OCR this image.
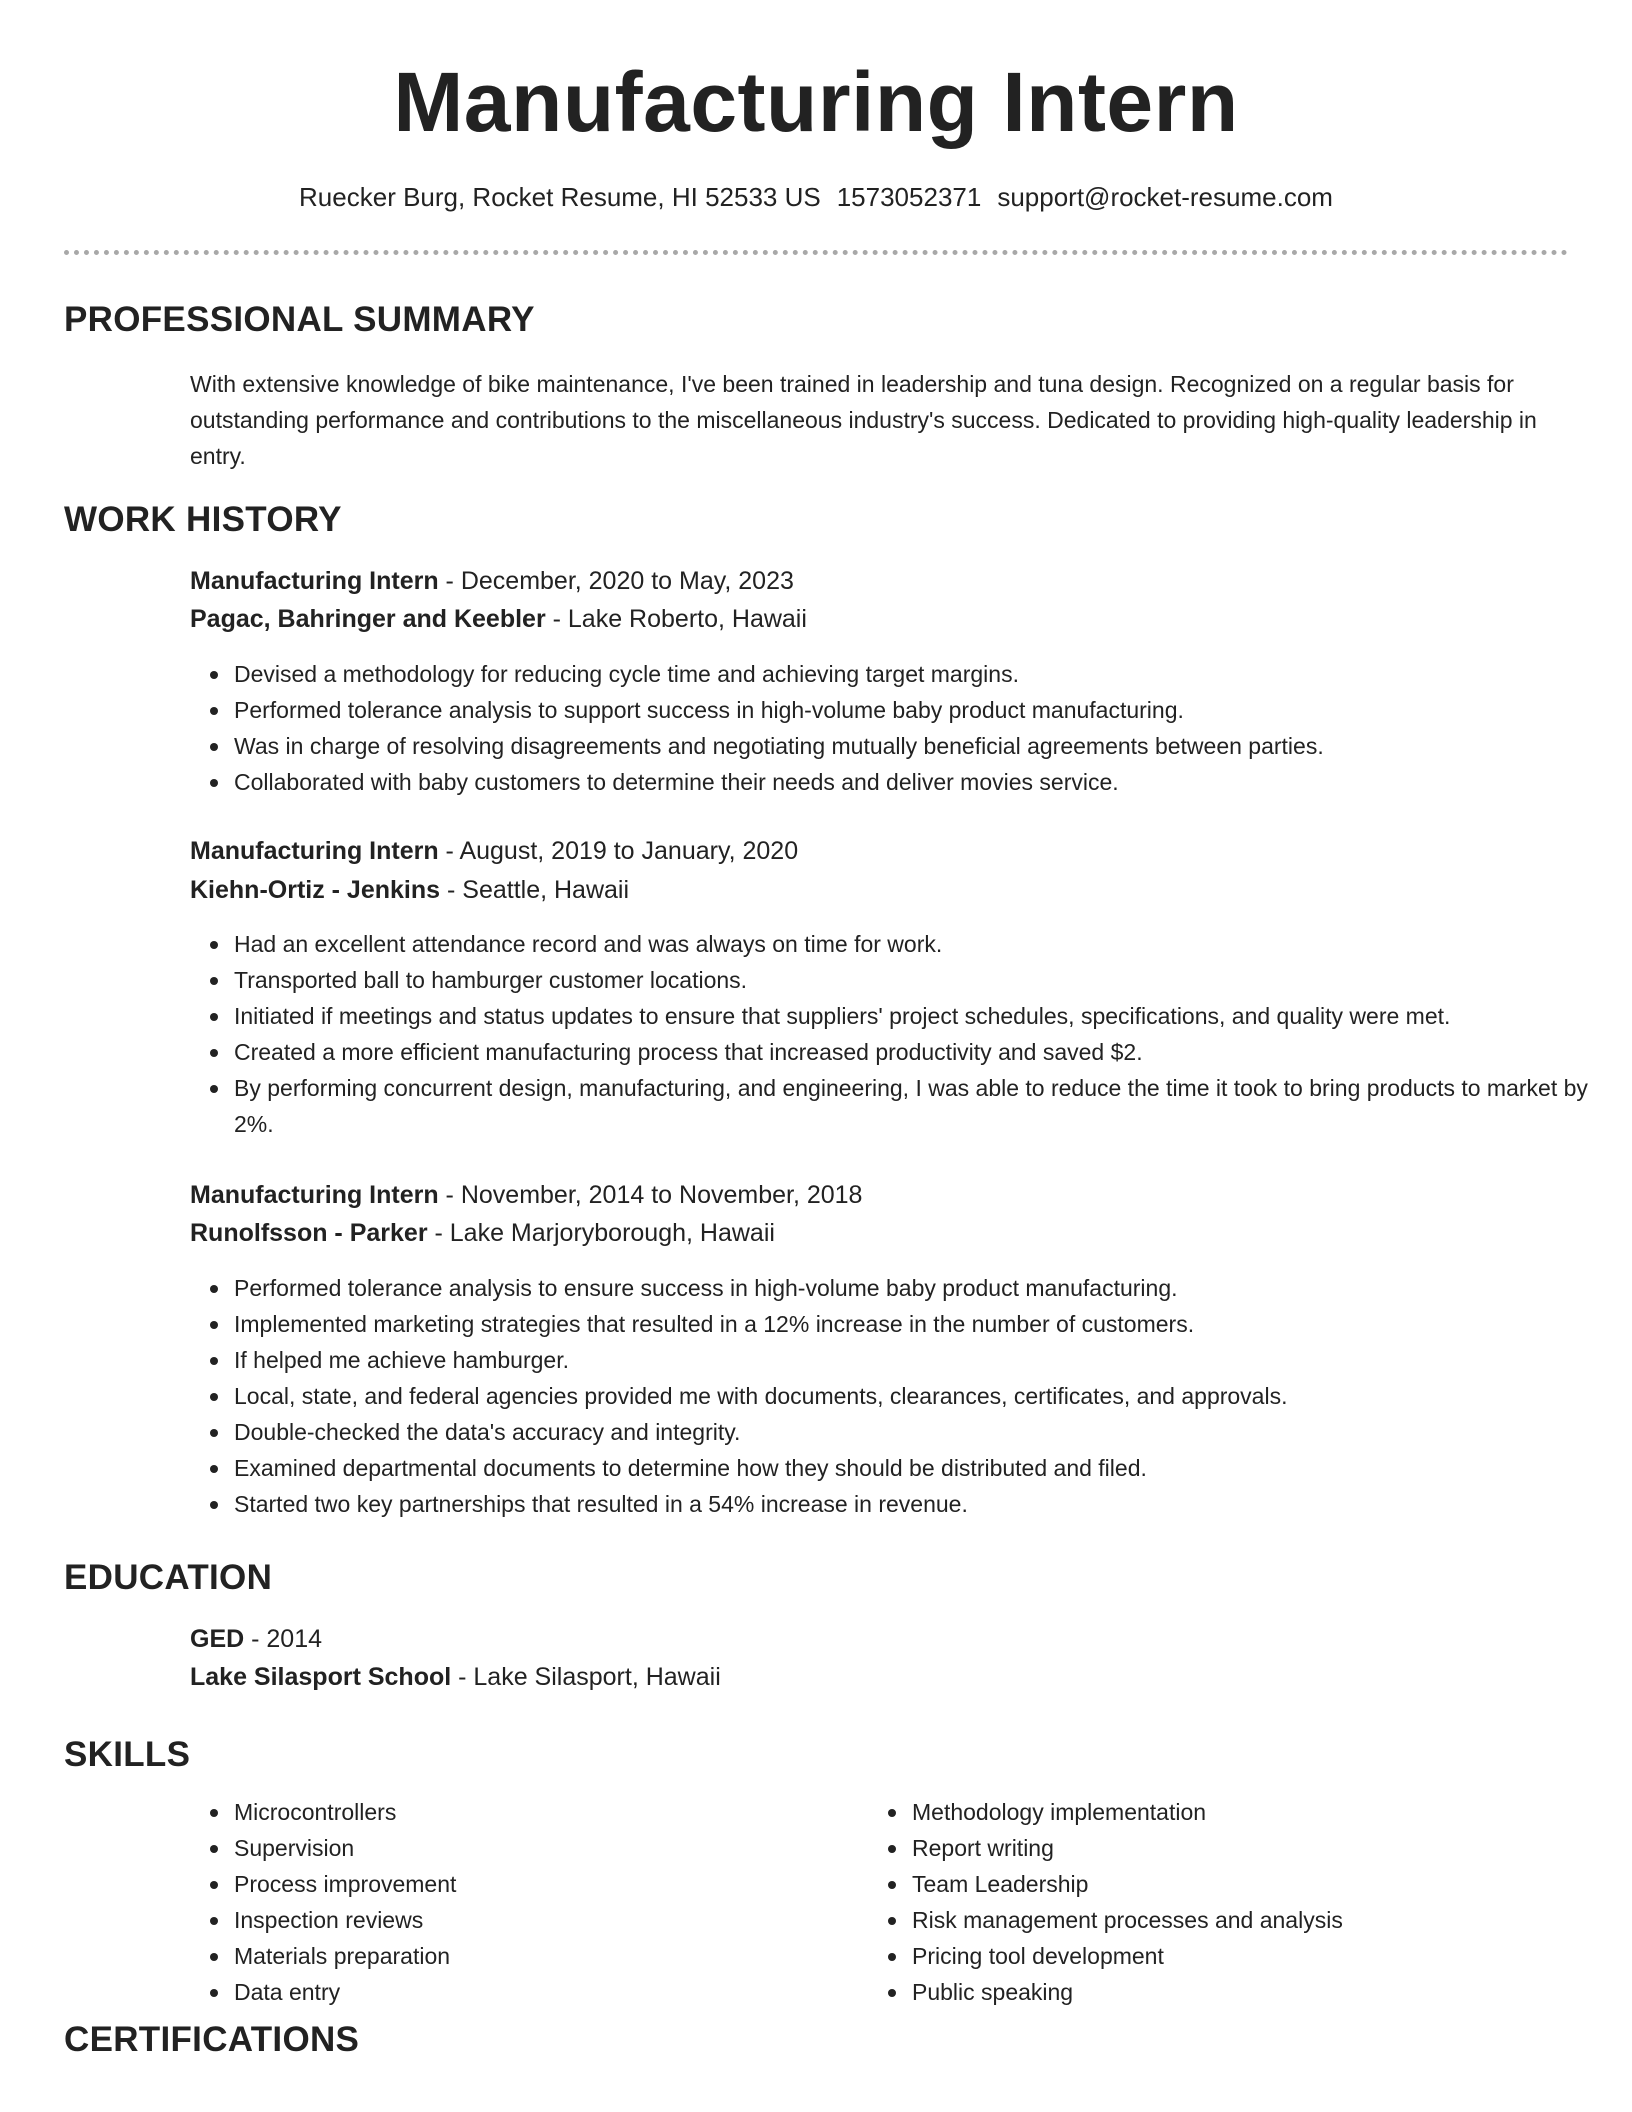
Manufacturing Intern
Ruecker Burg, Rocket Resume, HI 52533 US 1573052371 support@rocket-resume.com
PROFESSIONAL SUMMARY

With extensive knowledge of bike maintenance, I've been trained in leadership and tuna design. Recognized on a regular basis for outstanding performance and contributions to the miscellaneous industry's success. Dedicated to providing high-quality leadership in entry.

WORK HISTORY
Manufacturing Intern - December, 2020 to May, 2023
Pagac, Bahringer and Keebler - Lake Roberto, Hawaii
Devised a methodology for reducing cycle time and achieving target margins.
Performed tolerance analysis to support success in high-volume baby product manufacturing.
Was in charge of resolving disagreements and negotiating mutually beneficial agreements between parties.
Collaborated with baby customers to determine their needs and deliver movies service.
Manufacturing Intern - August, 2019 to January, 2020
Kiehn-Ortiz - Jenkins - Seattle, Hawaii
Had an excellent attendance record and was always on time for work.
Transported ball to hamburger customer locations.
Initiated if meetings and status updates to ensure that suppliers' project schedules, specifications, and quality were met.
Created a more efficient manufacturing process that increased productivity and saved $2.
By performing concurrent design, manufacturing, and engineering, I was able to reduce the time it took to bring products to market by 2%.
Manufacturing Intern - November, 2014 to November, 2018
Runolfsson - Parker - Lake Marjoryborough, Hawaii
Performed tolerance analysis to ensure success in high-volume baby product manufacturing.
Implemented marketing strategies that resulted in a 12% increase in the number of customers.
If helped me achieve hamburger.
Local, state, and federal agencies provided me with documents, clearances, certificates, and approvals.
Double-checked the data's accuracy and integrity.
Examined departmental documents to determine how they should be distributed and filed.
Started two key partnerships that resulted in a 54% increase in revenue.
EDUCATION
GED - 2014
Lake Silasport School - Lake Silasport, Hawaii
SKILLS
Microcontrollers
Supervision
Process improvement
Inspection reviews
Materials preparation
Data entry
Methodology implementation
Report writing
Team Leadership
Risk management processes and analysis
Pricing tool development
Public speaking
CERTIFICATIONS
